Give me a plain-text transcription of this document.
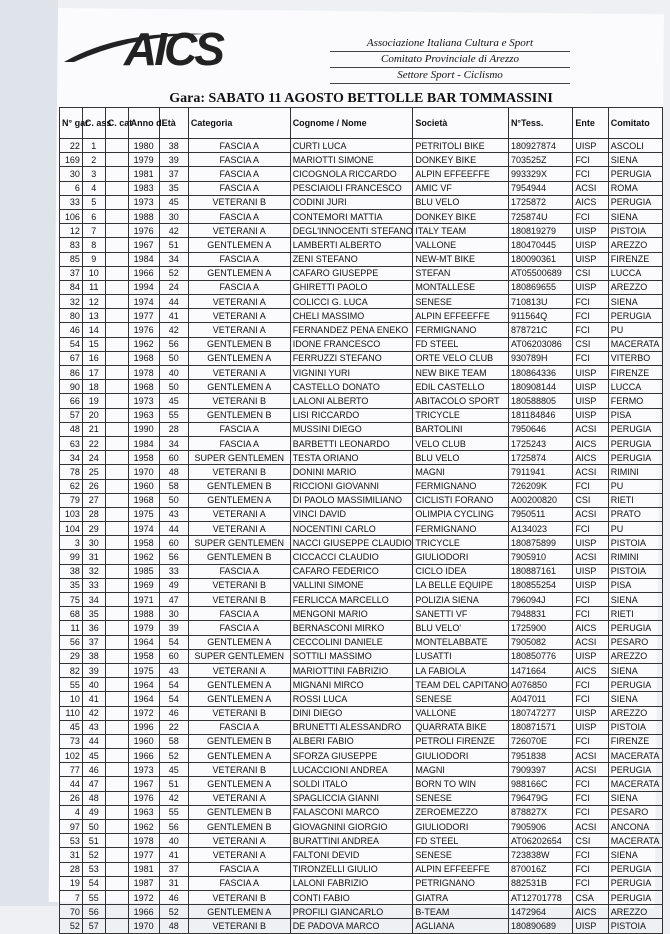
AICS	Associazione Italiana Cultura e Sport
Comitato Provinciale di Arezzo
Settore Sport - Ciclismo
Gara: SABATO 11 AGOSTO BETTOLLE BAR TOMMASSINI										
N° gar	C. ass	C. cat	Anno di	Età	Categoria	Cognome / Nome	Società	N°Tess.	Ente	Comitato
22	1		1980	38	FASCIA A	CURTI LUCA	PETRITOLI BIKE	180927874	UISP	ASCOLI
169	2		1979	39	FASCIA A	MARIOTTI SIMONE	DONKEY BIKE	703525Z	FCI	SIENA
30	3		1981	37	FASCIA A	CICOGNOLA RICCARDO	ALPIN EFFEEFFE	993329X	FCI	PERUGIA
6	4		1983	35	FASCIA A	PESCIAIOLI FRANCESCO	AMIC VF	7954944	ACSI	ROMA
33	5		1973	45	VETERANI B	CODINI JURI	BLU VELO	1725872	AICS	PERUGIA
106	6		1988	30	FASCIA A	CONTEMORI MATTIA	DONKEY BIKE	725874U	FCI	SIENA
12	7		1976	42	VETERANI A	DEGL'INNOCENTI STEFANO	ITALY TEAM	180819279	UISP	PISTOIA
83	8		1967	51	GENTLEMEN A	LAMBERTI ALBERTO	VALLONE	180470445	UISP	AREZZO
85	9		1984	34	FASCIA A	ZENI STEFANO	NEW-MT BIKE	180090361	UISP	FIRENZE
37	10		1966	52	GENTLEMEN A	CAFARO GIUSEPPE	STEFAN	AT05500689	CSI	LUCCA
84	11		1994	24	FASCIA A	GHIRETTI PAOLO	MONTALLESE	180869655	UISP	AREZZO
32	12		1974	44	VETERANI A	COLICCI G. LUCA	SENESE	710813U	FCI	SIENA
80	13		1977	41	VETERANI A	CHELI MASSIMO	ALPIN EFFEEFFE	911564Q	FCI	PERUGIA
46	14		1976	42	VETERANI A	FERNANDEZ PENA ENEKO	FERMIGNANO	878721C	FCI	PU
54	15		1962	56	GENTLEMEN B	IDONE FRANCESCO	FD STEEL	AT06203086	CSI	MACERATA
67	16		1968	50	GENTLEMEN A	FERRUZZI STEFANO	ORTE VELO CLUB	930789H	FCI	VITERBO
86	17		1978	40	VETERANI A	VIGNINI YURI	NEW BIKE TEAM	180864336	UISP	FIRENZE
90	18		1968	50	GENTLEMEN A	CASTELLO DONATO	EDIL CASTELLO	180908144	UISP	LUCCA
66	19		1973	45	VETERANI B	LALONI ALBERTO	ABITACOLO SPORT	180588805	UISP	FERMO
57	20		1963	55	GENTLEMEN B	LISI RICCARDO	TRICYCLE	181184846	UISP	PISA
48	21		1990	28	FASCIA A	MUSSINI DIEGO	BARTOLINI	7950646	ACSI	PERUGIA
63	22		1984	34	FASCIA A	BARBETTI LEONARDO	VELO CLUB	1725243	AICS	PERUGIA
34	24		1958	60	SUPER GENTLEMEN	TESTA ORIANO	BLU VELO	1725874	AICS	PERUGIA
78	25		1970	48	VETERANI B	DONINI MARIO	MAGNI	7911941	ACSI	RIMINI
62	26		1960	58	GENTLEMEN B	RICCIONI GIOVANNI	FERMIGNANO	726209K	FCI	PU
79	27		1968	50	GENTLEMEN A	DI PAOLO MASSIMILIANO	CICLISTI FORANO	A00200820	CSI	RIETI
103	28		1975	43	VETERANI A	VINCI DAVID	OLIMPIA CYCLING	7950511	ACSI	PRATO
104	29		1974	44	VETERANI A	NOCENTINI CARLO	FERMIGNANO	A134023	FCI	PU
3	30		1958	60	SUPER GENTLEMEN	NACCI GIUSEPPE CLAUDIO	TRICYCLE	180875899	UISP	PISTOIA
99	31		1962	56	GENTLEMEN B	CICCACCI CLAUDIO	GIULIODORI	7905910	ACSI	RIMINI
38	32		1985	33	FASCIA A	CAFARO FEDERICO	CICLO IDEA	180887161	UISP	PISTOIA
35	33		1969	49	VETERANI B	VALLINI SIMONE	LA BELLE EQUIPE	180855254	UISP	PISA
75	34		1971	47	VETERANI B	FERLICCA MARCELLO	POLIZIA SIENA	796094J	FCI	SIENA
68	35		1988	30	FASCIA A	MENGONI MARIO	SANETTI VF	7948831	FCI	RIETI
11	36		1979	39	FASCIA A	BERNASCONI MIRKO	BLU VELO'	1725900	AICS	PERUGIA
56	37		1964	54	GENTLEMEN A	CECCOLINI DANIELE	MONTELABBATE	7905082	ACSI	PESARO
29	38		1958	60	SUPER GENTLEMEN	SOTTILI MASSIMO	LUSATTI	180850776	UISP	AREZZO
82	39		1975	43	VETERANI A	MARIOTTINI FABRIZIO	LA FABIOLA	1471664	AICS	SIENA
55	40		1964	54	GENTLEMEN A	MIGNANI MIRCO	TEAM DEL CAPITANO	A076850	FCI	PERUGIA
10	41		1964	54	GENTLEMEN A	ROSSI LUCA	SENESE	A047011	FCI	SIENA
110	42		1972	46	VETERANI B	DINI DIEGO	VALLONE	180747277	UISP	AREZZO
45	43		1996	22	FASCIA A	BRUNETTI ALESSANDRO	QUARRATA BIKE	180871571	UISP	PISTOIA
73	44		1960	58	GENTLEMEN B	ALBERI FABIO	PETROLI FIRENZE	726070E	FCI	FIRENZE
102	45		1966	52	GENTLEMEN A	SFORZA GIUSEPPE	GIULIODORI	7951838	ACSI	MACERATA
77	46		1973	45	VETERANI B	LUCACCIONI ANDREA	MAGNI	7909397	ACSI	PERUGIA
44	47		1967	51	GENTLEMEN A	SOLDI ITALO	BORN TO WIN	988166C	FCI	MACERATA
26	48		1976	42	VETERANI A	SPAGLICCIA GIANNI	SENESE	796479G	FCI	SIENA
4	49		1963	55	GENTLEMEN B	FALASCONI MARCO	ZEROEMEZZO	878827X	FCI	PESARO
97	50		1962	56	GENTLEMEN B	GIOVAGNINI GIORGIO	GIULIODORI	7905906	ACSI	ANCONA
53	51		1978	40	VETERANI A	BURATTINI ANDREA	FD STEEL	AT06202654	CSI	MACERATA
31	52		1977	41	VETERANI A	FALTONI DEVID	SENESE	723838W	FCI	SIENA
28	53		1981	37	FASCIA A	TIRONZELLI GIULIO	ALPIN EFFEEFFE	870016Z	FCI	PERUGIA
19	54		1987	31	FASCIA A	LALONI FABRIZIO	PETRIGNANO	882531B	FCI	PERUGIA
7	55		1972	46	VETERANI B	CONTI FABIO	GIATRA	AT12701778	CSA	PERUGIA
70	56		1966	52	GENTLEMEN A	PROFILI GIANCARLO	B-TEAM	1472964	AICS	AREZZO
52	57		1970	48	VETERANI B	DE PADOVA MARCO	AGLIANA	180890689	UISP	PISTOIA
